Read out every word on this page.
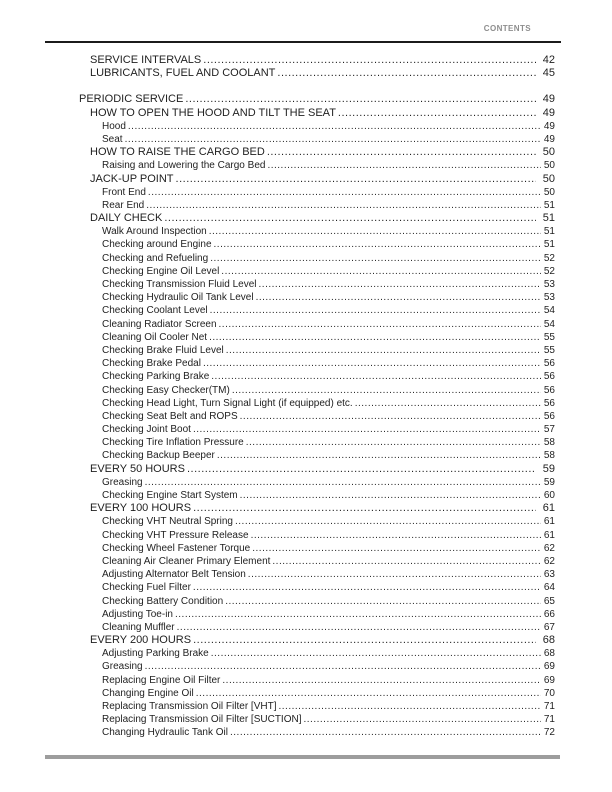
CONTENTS
SERVICE INTERVALS .....	42
LUBRICANTS, FUEL AND COOLANT .....	45
PERIODIC SERVICE .....	49
HOW TO OPEN THE HOOD AND TILT THE SEAT .....	49
Hood .....	49
Seat .....	49
HOW TO RAISE THE CARGO BED .....	50
Raising and Lowering the Cargo Bed .....	50
JACK-UP POINT .....	50
Front End .....	50
Rear End .....	51
DAILY CHECK .....	51
Walk Around Inspection .....	51
Checking around Engine .....	51
Checking and Refueling .....	52
Checking Engine Oil Level .....	52
Checking Transmission Fluid Level .....	53
Checking Hydraulic Oil Tank Level .....	53
Checking Coolant Level .....	54
Cleaning Radiator Screen .....	54
Cleaning Oil Cooler Net .....	55
Checking Brake Fluid Level .....	55
Checking Brake Pedal .....	56
Checking Parking Brake .....	56
Checking Easy Checker(TM) .....	56
Checking Head Light, Turn Signal Light (if equipped) etc. .....	56
Checking Seat Belt and ROPS .....	56
Checking Joint Boot .....	57
Checking Tire Inflation Pressure .....	58
Checking Backup Beeper .....	58
EVERY 50 HOURS .....	59
Greasing .....	59
Checking Engine Start System .....	60
EVERY 100 HOURS .....	61
Checking VHT Neutral Spring .....	61
Checking VHT Pressure Release .....	61
Checking Wheel Fastener Torque .....	62
Cleaning Air Cleaner Primary Element .....	62
Adjusting Alternator Belt Tension .....	63
Checking Fuel Filter .....	64
Checking Battery Condition .....	65
Adjusting Toe-in .....	66
Cleaning Muffler .....	67
EVERY 200 HOURS .....	68
Adjusting Parking Brake .....	68
Greasing .....	69
Replacing Engine Oil Filter .....	69
Changing Engine Oil .....	70
Replacing Transmission Oil Filter [VHT] .....	71
Replacing Transmission Oil Filter [SUCTION] .....	71
Changing Hydraulic Tank Oil .....	72
